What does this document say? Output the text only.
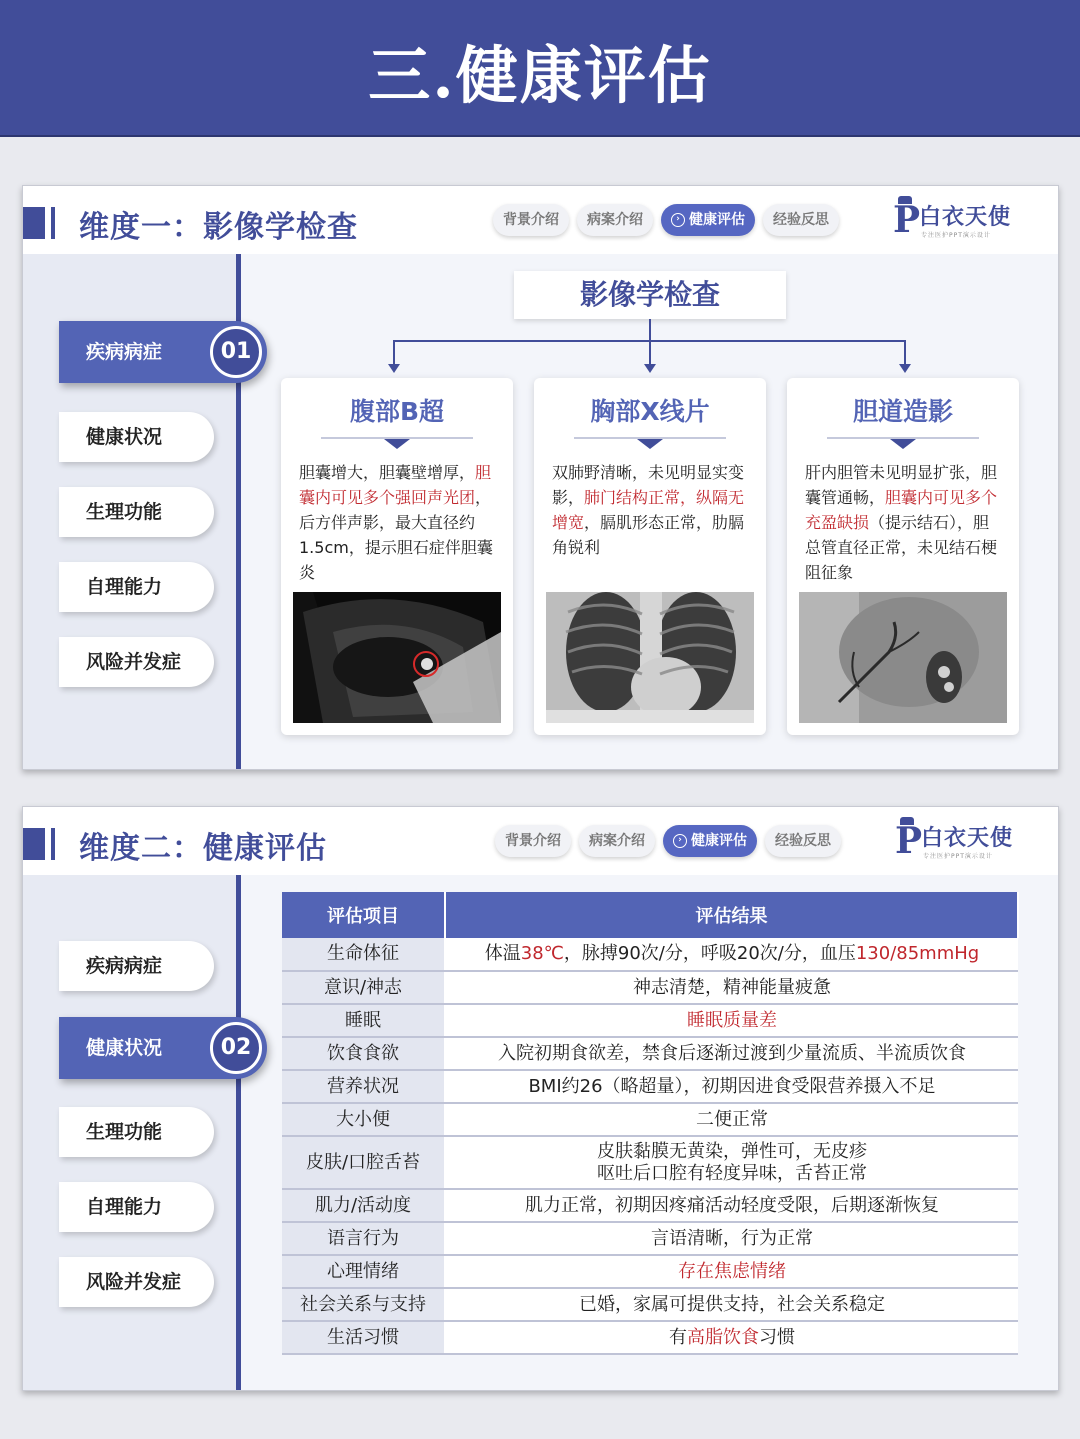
三.健康评估
维度一：影像学检查	背景介绍	病案介绍	› 健康评估	经验反思 P
白衣天使
专注医护PPT演示设计
疾病病症	01
健康状况
生理功能
自理能力
风险并发症
影像学检查
腹部B超
胆囊增大，胆囊壁增厚，胆囊内可见多个强回声光团，后方伴声影，最大直径约1.5cm，提示胆石症伴胆囊炎
胸部X线片
双肺野清晰，未见明显实变影，肺门结构正常，纵隔无增宽，膈肌形态正常，肋膈角锐利
胆道造影
肝内胆管未见明显扩张，胆囊管通畅，胆囊内可见多个充盈缺损（提示结石），胆总管直径正常，未见结石梗阻征象
维度二：健康评估	背景介绍	病案介绍	› 健康评估	经验反思 P
白衣天使
专注医护PPT演示设计
疾病病症
健康状况	02
生理功能
自理能力
风险并发症
评估项目	评估结果
生命体征	体温38℃，脉搏90次/分，呼吸20次/分，血压130/85mmHg
意识/神志	神志清楚，精神能量疲惫
睡眠	睡眠质量差
饮食食欲	入院初期食欲差，禁食后逐渐过渡到少量流质、半流质饮食
营养状况	BMI约26（略超量），初期因进食受限营养摄入不足
大小便	二便正常
皮肤/口腔舌苔	皮肤黏膜无黄染，弹性可，无皮疹
呕吐后口腔有轻度异味，舌苔正常
肌力/活动度	肌力正常，初期因疼痛活动轻度受限，后期逐渐恢复
语言行为	言语清晰，行为正常
心理情绪	存在焦虑情绪
社会关系与支持	已婚，家属可提供支持，社会关系稳定
生活习惯	有高脂饮食习惯
